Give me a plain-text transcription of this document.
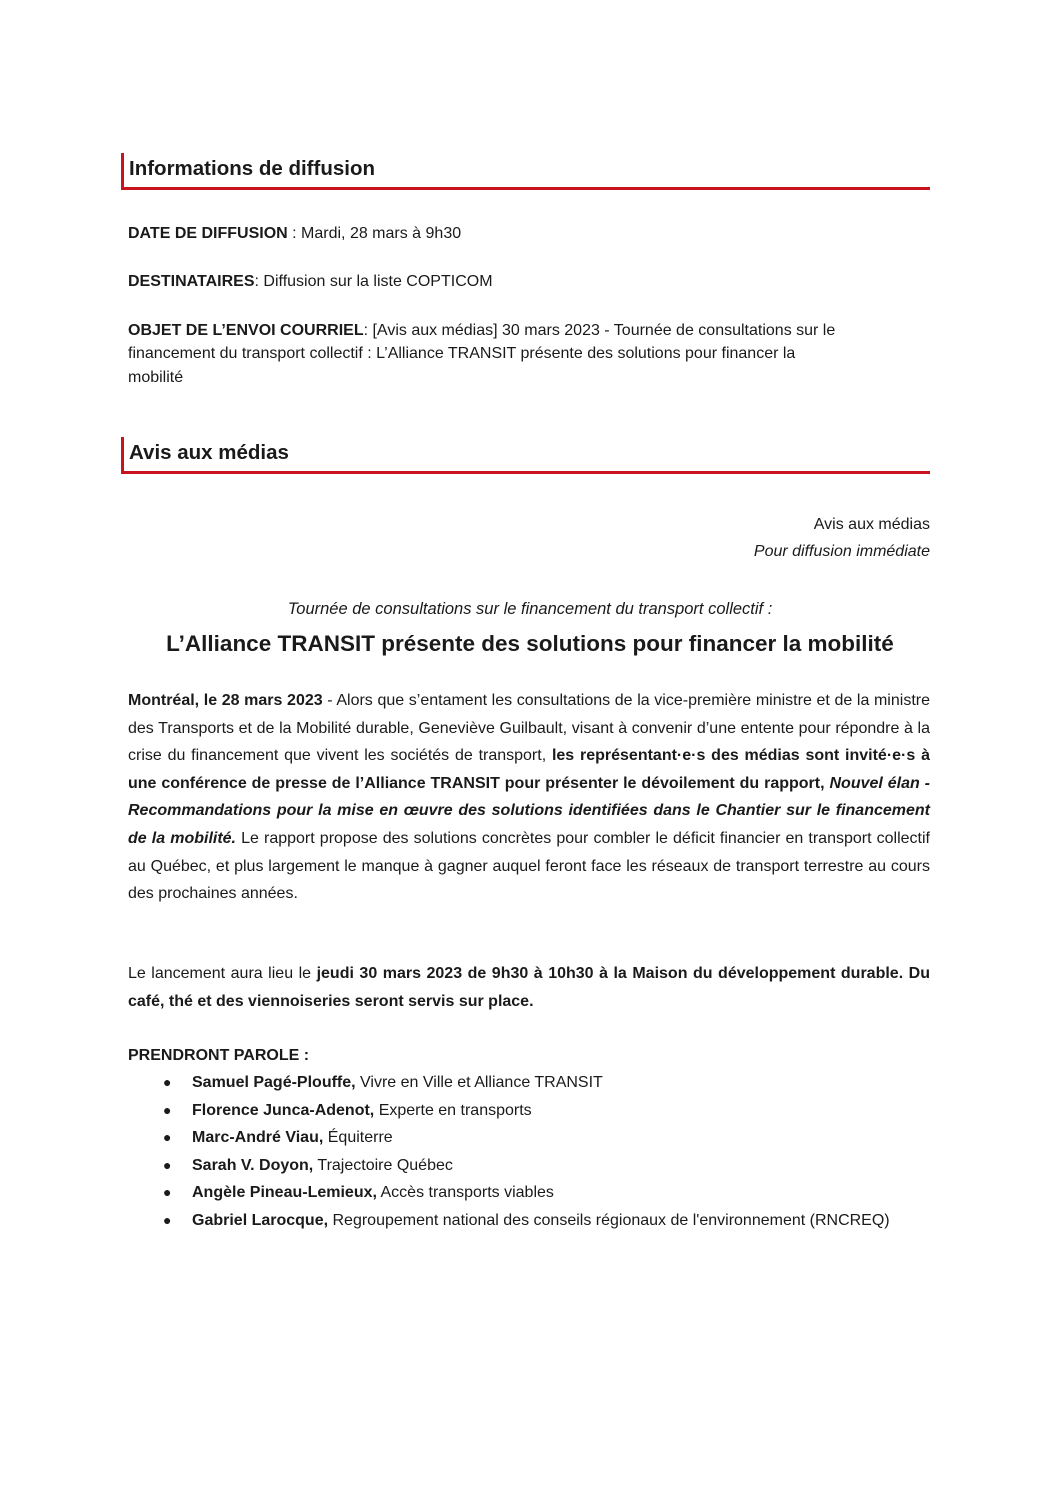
Informations de diffusion
DATE DE DIFFUSION : Mardi, 28 mars à 9h30
DESTINATAIRES: Diffusion sur la liste COPTICOM
OBJET DE L’ENVOI COURRIEL: [Avis aux médias] 30 mars 2023 - Tournée de consultations sur le
financement du transport collectif : L’Alliance TRANSIT présente des solutions pour financer la
mobilité
Avis aux médias
Avis aux médias
Pour diffusion immédiate
Tournée de consultations sur le financement du transport collectif :
L’Alliance TRANSIT présente des solutions pour financer la mobilité
Montréal, le 28 mars 2023 - Alors que s’entament les consultations de la vice-première ministre et de la ministre des Transports et de la Mobilité durable, Geneviève Guilbault, visant à convenir d’une entente pour répondre à la crise du financement que vivent les sociétés de transport, les représentant·e·s des médias sont invité·e·s à une conférence de presse de l’Alliance TRANSIT pour présenter le dévoilement du rapport, Nouvel élan - Recommandations pour la mise en œuvre des solutions identifiées dans le Chantier sur le financement de la mobilité. Le rapport propose des solutions concrètes pour combler le déficit financier en transport collectif au Québec, et plus largement le manque à gagner auquel feront face les réseaux de transport terrestre au cours des prochaines années.
Le lancement aura lieu le jeudi 30 mars 2023 de 9h30 à 10h30 à la Maison du développement durable. Du café, thé et des viennoiseries seront servis sur place.
PRENDRONT PAROLE :
● Samuel Pagé-Plouffe, Vivre en Ville et Alliance TRANSIT
● Florence Junca-Adenot, Experte en transports
● Marc-André Viau, Équiterre
● Sarah V. Doyon, Trajectoire Québec
● Angèle Pineau-Lemieux, Accès transports viables
● Gabriel Larocque, Regroupement national des conseils régionaux de l'environnement (RNCREQ)
